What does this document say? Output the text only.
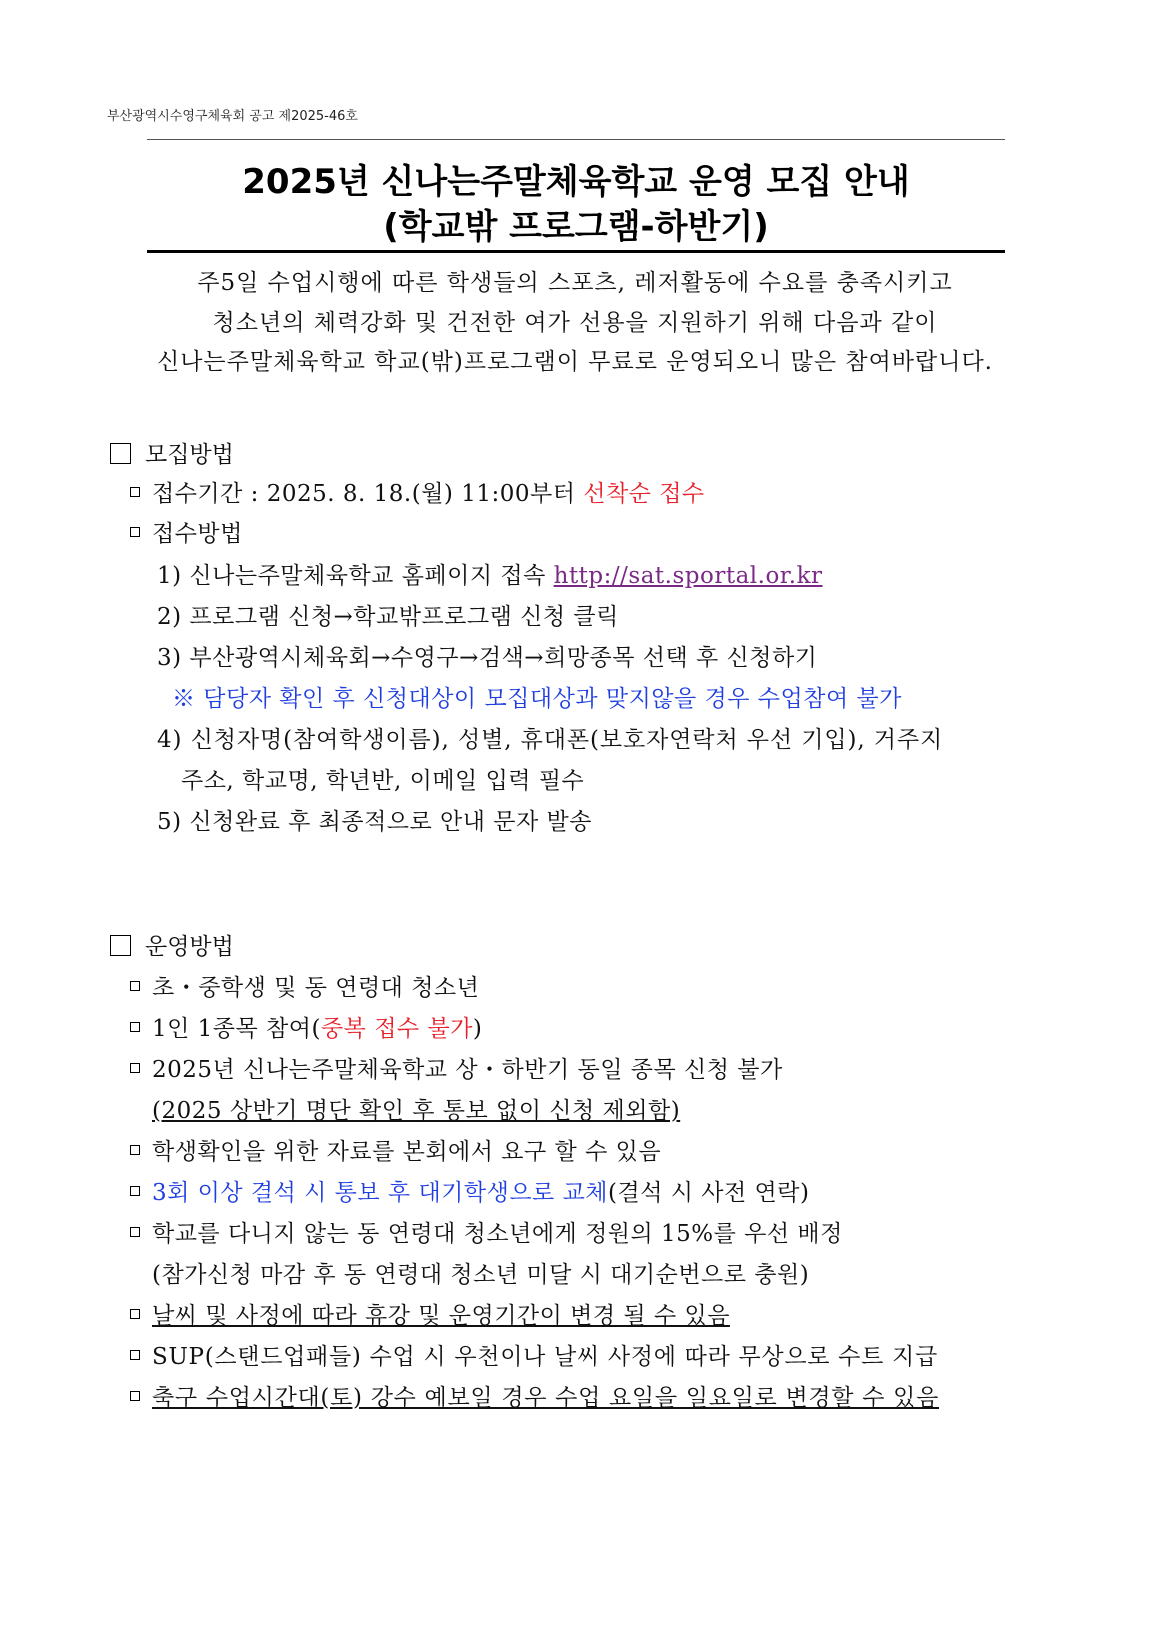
부산광역시수영구체육회 공고 제2025-46호
2025년 신나는주말체육학교 운영 모집 안내
(학교밖 프로그램-하반기)
주5일 수업시행에 따른 학생들의 스포츠, 레저활동에 수요를 충족시키고
청소년의 체력강화 및 건전한 여가 선용을 지원하기 위해 다음과 같이
신나는주말체육학교 학교(밖)프로그램이 무료로 운영되오니 많은 참여바랍니다.
모집방법
접수기간 : 2025. 8. 18.(월) 11:00부터 선착순 접수
접수방법
1) 신나는주말체육학교 홈페이지 접속 http://sat.sportal.or.kr
2) 프로그램 신청→학교밖프로그램 신청 클릭
3) 부산광역시체육회→수영구→검색→희망종목 선택 후 신청하기
※ 담당자 확인 후 신청대상이 모집대상과 맞지않을 경우 수업참여 불가
4) 신청자명(참여학생이름), 성별, 휴대폰(보호자연락처 우선 기입), 거주지
주소, 학교명, 학년반, 이메일 입력 필수
5) 신청완료 후 최종적으로 안내 문자 발송
운영방법
초・중학생 및 동 연령대 청소년
1인 1종목 참여(중복 접수 불가)
2025년 신나는주말체육학교 상・하반기 동일 종목 신청 불가
(2025 상반기 명단 확인 후 통보 없이 신청 제외함)
학생확인을 위한 자료를 본회에서 요구 할 수 있음
3회 이상 결석 시 통보 후 대기학생으로 교체(결석 시 사전 연락)
학교를 다니지 않는 동 연령대 청소년에게 정원의 15%를 우선 배정
(참가신청 마감 후 동 연령대 청소년 미달 시 대기순번으로 충원)
날씨 및 사정에 따라 휴강 및 운영기간이 변경 될 수 있음
SUP(스탠드업패들) 수업 시 우천이나 날씨 사정에 따라 무상으로 수트 지급
축구 수업시간대(토) 강수 예보일 경우 수업 요일을 일요일로 변경할 수 있음
